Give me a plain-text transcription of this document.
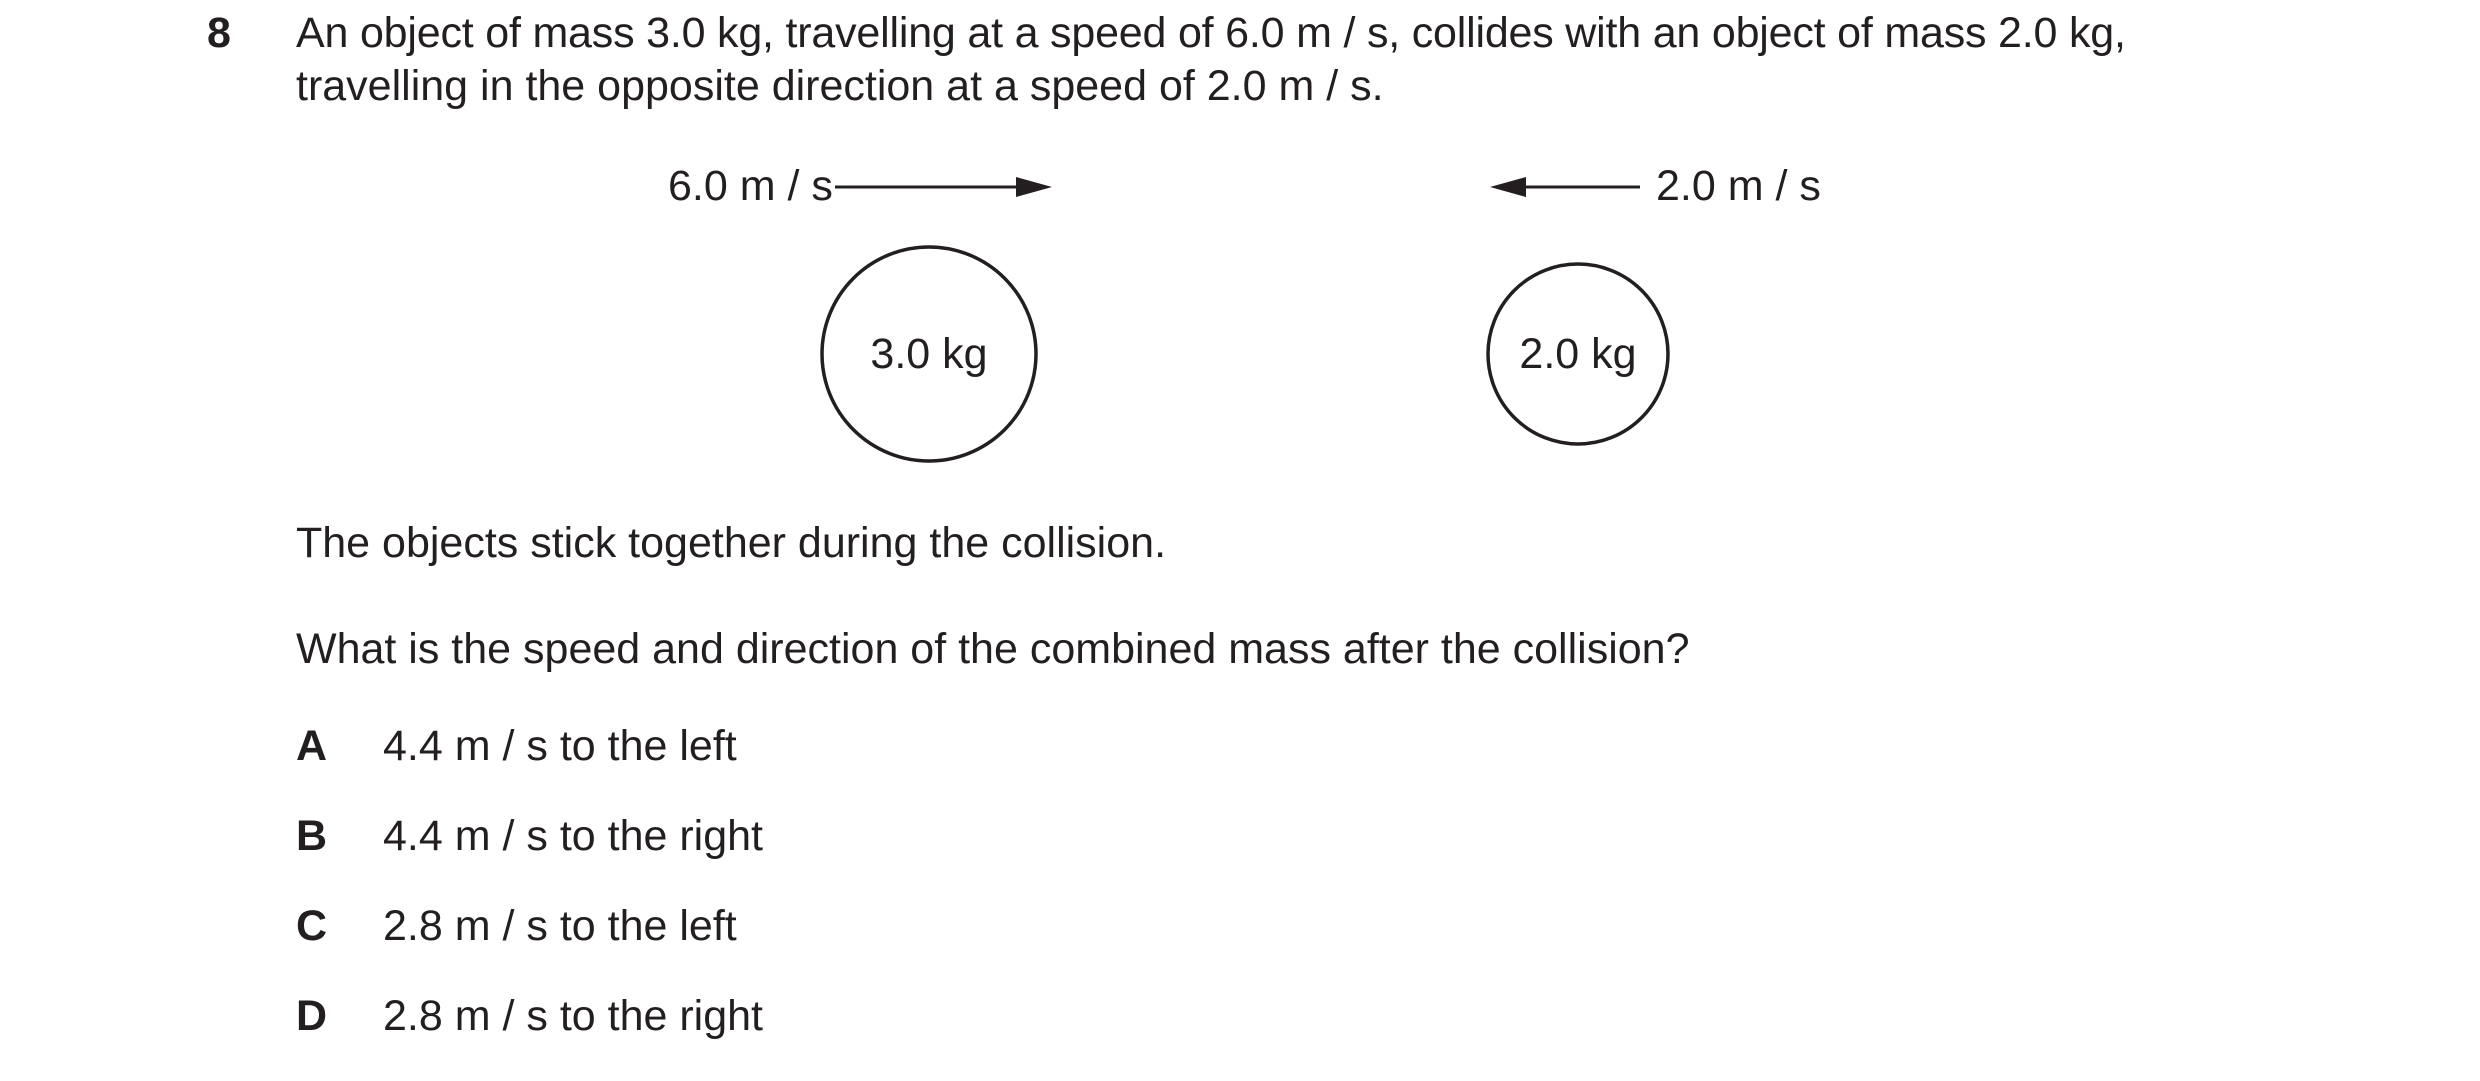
8 An object of mass 3.0 kg, travelling at a speed of 6.0 m / s, collides with an object of mass 2.0 kg,
travelling in the opposite direction at a speed of 2.0 m / s.
6.0 m / s
3.0 kg
2.0 m / s
2.0 kg
The objects stick together during the collision.
What is the speed and direction of the combined mass after the collision?
A 4.4 m / s to the left
B 4.4 m / s to the right
C 2.8 m / s to the left
D 2.8 m / s to the right
